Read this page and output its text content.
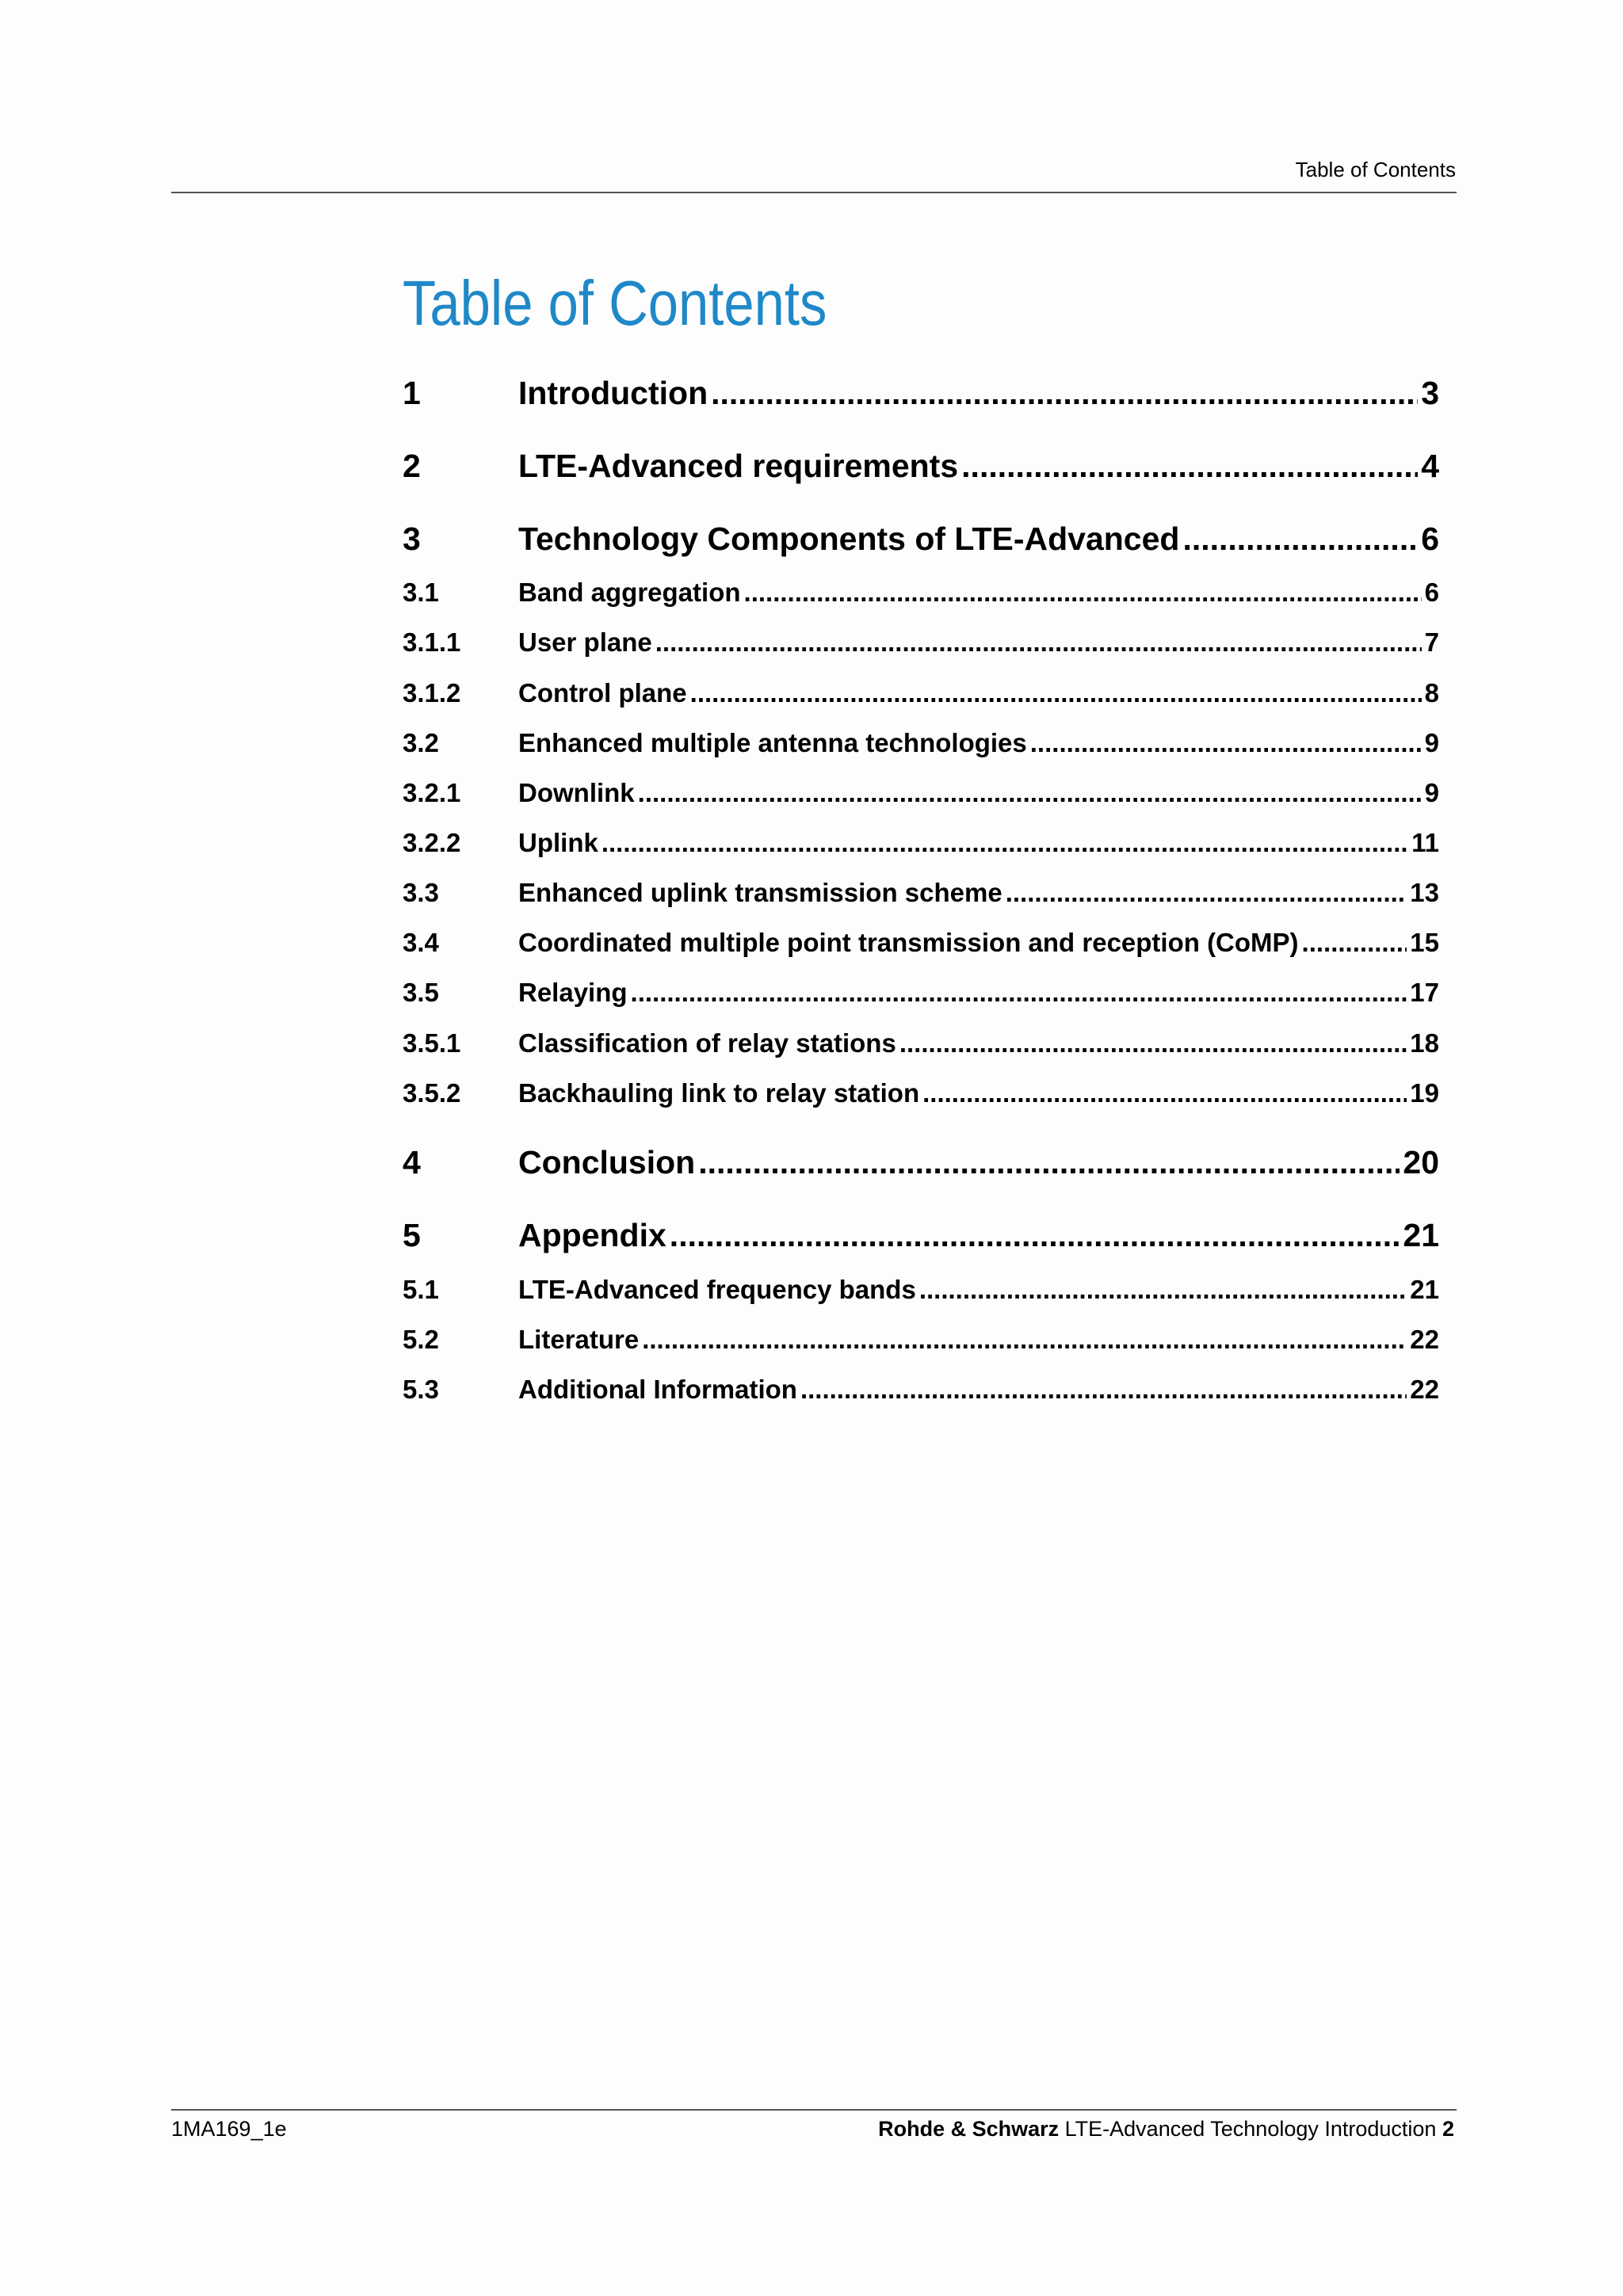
Table of Contents
Table of Contents
1	Introduction .....	3
2	LTE-Advanced requirements .....	4
3	Technology Components of LTE-Advanced .....	6
3.1	Band aggregation .....	6
3.1.1	User plane .....	7
3.1.2	Control plane .....	8
3.2	Enhanced multiple antenna technologies .....	9
3.2.1	Downlink .....	9
3.2.2	Uplink .....	11
3.3	Enhanced uplink transmission scheme .....	13
3.4	Coordinated multiple point transmission and reception (CoMP) .....	15
3.5	Relaying .....	17
3.5.1	Classification of relay stations .....	18
3.5.2	Backhauling link to relay station .....	19
4	Conclusion .....	20
5	Appendix .....	21
5.1	LTE-Advanced frequency bands .....	21
5.2	Literature .....	22
5.3	Additional Information .....	22
1MA169_1e	Rohde & Schwarz LTE-Advanced Technology Introduction 2
